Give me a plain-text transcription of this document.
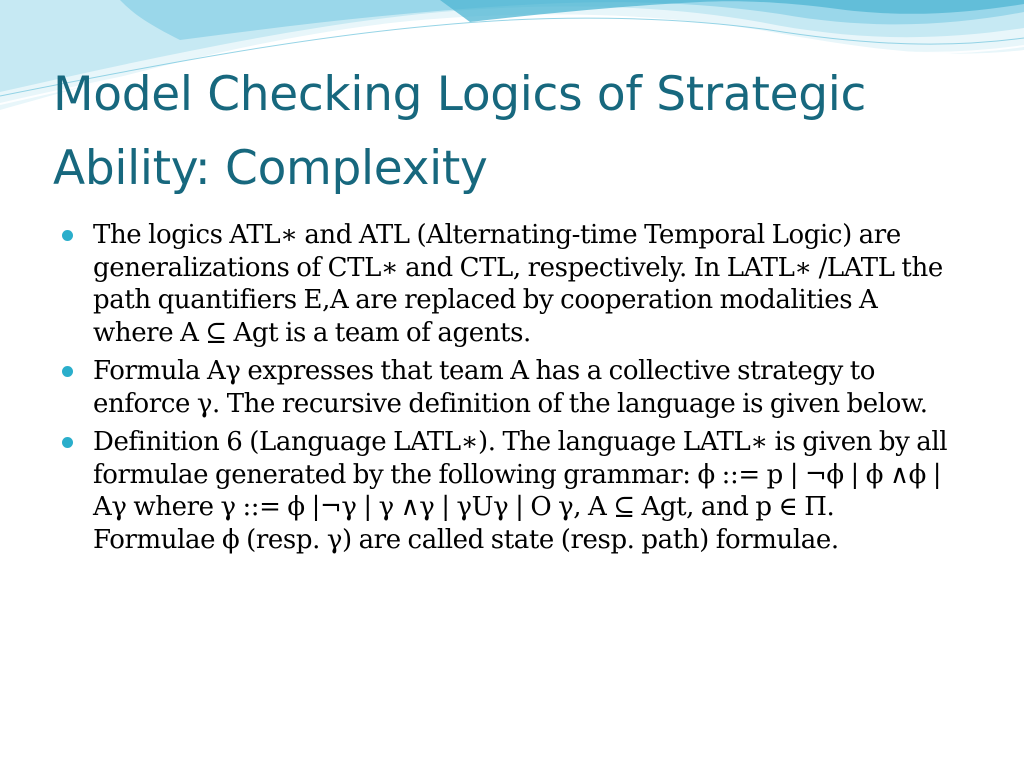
Model Checking Logics of Strategic Ability: Complexity
The logics ATL∗ and ATL (Alternating-time Temporal Logic) are generalizations of CTL∗ and CTL, respectively. In LATL∗ /LATL the path quantifiers E,A are replaced by cooperation modalities A where A ⊆ Agt is a team of agents.
Formula Aγ expresses that team A has a collective strategy to enforce γ. The recursive definition of the language is given below.
Definition 6 (Language LATL∗). The language LATL∗ is given by all formulae generated by the following grammar: ϕ ::= p | ¬ϕ | ϕ ∧ϕ | Aγ where γ ::= ϕ |¬γ | γ ∧γ | γUγ | O γ, A ⊆ Agt, and p ∈ Π. Formulae ϕ (resp. γ) are called state (resp. path) formulae.
